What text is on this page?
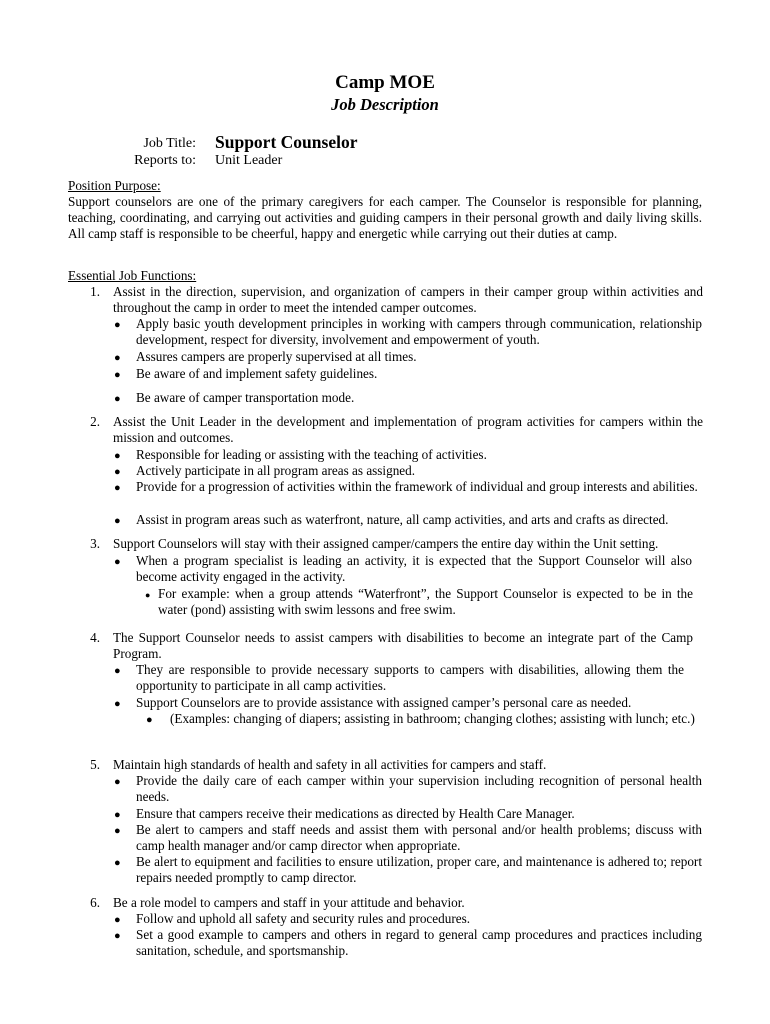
Camp MOE
Job Description
Job Title: Support Counselor
Reports to: Unit Leader
Position Purpose:
Support counselors are one of the primary caregivers for each camper. The Counselor is responsible for planning, teaching, coordinating, and carrying out activities and guiding campers in their personal growth and daily living skills. All camp staff is responsible to be cheerful, happy and energetic while carrying out their duties at camp.
Essential Job Functions:
1. Assist in the direction, supervision, and organization of campers in their camper group within activities and throughout the camp in order to meet the intended camper outcomes.
● Apply basic youth development principles in working with campers through communication, relationship development, respect for diversity, involvement and empowerment of youth.
● Assures campers are properly supervised at all times.
● Be aware of and implement safety guidelines.
● Be aware of camper transportation mode.
2. Assist the Unit Leader in the development and implementation of program activities for campers within the mission and outcomes.
● Responsible for leading or assisting with the teaching of activities.
● Actively participate in all program areas as assigned.
● Provide for a progression of activities within the framework of individual and group interests and abilities.
● Assist in program areas such as waterfront, nature, all camp activities, and arts and crafts as directed.
3. Support Counselors will stay with their assigned camper/campers the entire day within the Unit setting.
● When a program specialist is leading an activity, it is expected that the Support Counselor will also become activity engaged in the activity.
● For example: when a group attends “Waterfront”, the Support Counselor is expected to be in the water (pond) assisting with swim lessons and free swim.
4. The Support Counselor needs to assist campers with disabilities to become an integrate part of the Camp Program.
● They are responsible to provide necessary supports to campers with disabilities, allowing them the opportunity to participate in all camp activities.
● Support Counselors are to provide assistance with assigned camper’s personal care as needed.
● (Examples: changing of diapers; assisting in bathroom; changing clothes; assisting with lunch; etc.)
5. Maintain high standards of health and safety in all activities for campers and staff.
● Provide the daily care of each camper within your supervision including recognition of personal health needs.
● Ensure that campers receive their medications as directed by Health Care Manager.
● Be alert to campers and staff needs and assist them with personal and/or health problems; discuss with camp health manager and/or camp director when appropriate.
● Be alert to equipment and facilities to ensure utilization, proper care, and maintenance is adhered to; report repairs needed promptly to camp director.
6. Be a role model to campers and staff in your attitude and behavior.
● Follow and uphold all safety and security rules and procedures.
● Set a good example to campers and others in regard to general camp procedures and practices including sanitation, schedule, and sportsmanship.
